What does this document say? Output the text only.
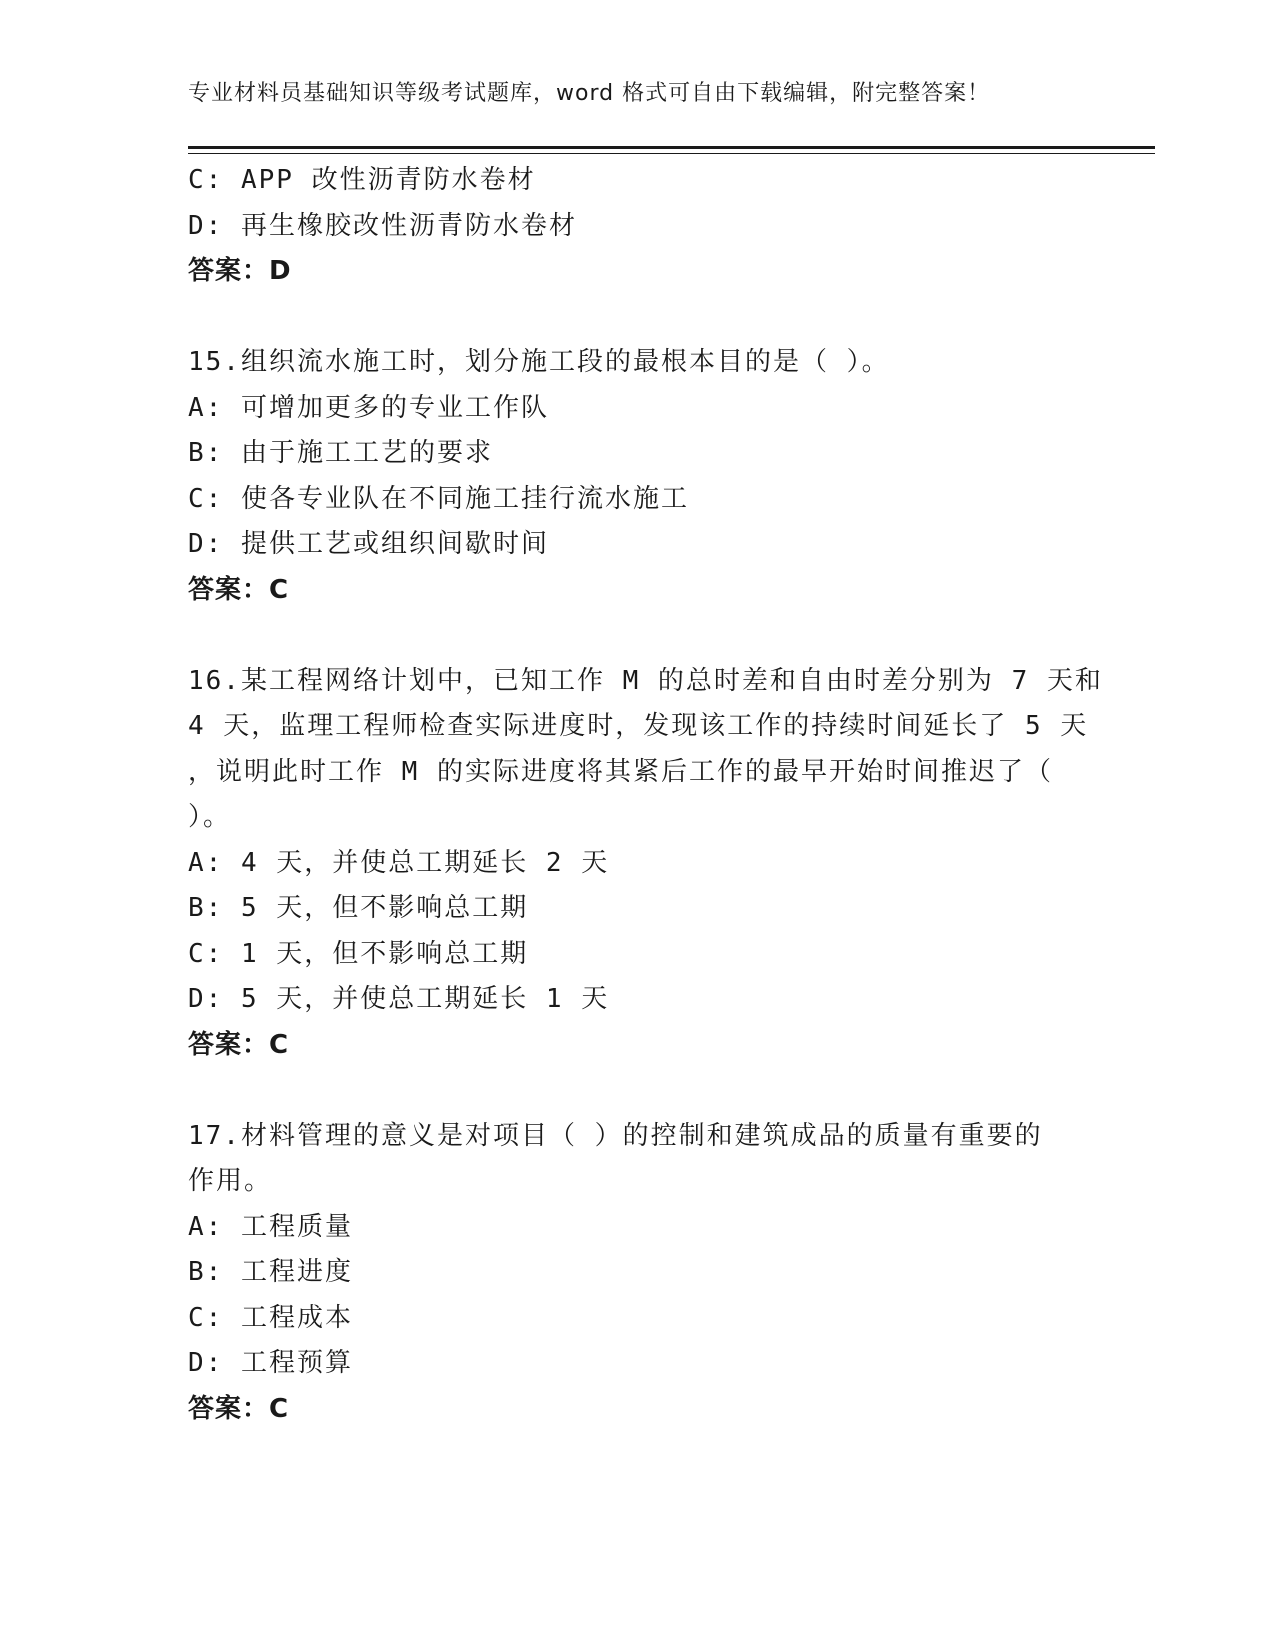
专业材料员基础知识等级考试题库，word 格式可自由下载编辑，附完整答案！
C: APP 改性沥青防水卷材
D: 再生橡胶改性沥青防水卷材
答案：D
15.组织流水施工时，划分施工段的最根本目的是（ ）。
A: 可增加更多的专业工作队
B: 由于施工工艺的要求
C: 使各专业队在不同施工挂行流水施工
D: 提供工艺或组织间歇时间
答案：C
16.某工程网络计划中，已知工作 M 的总时差和自由时差分别为 7 天和
4 天，监理工程师检查实际进度时，发现该工作的持续时间延长了 5 天
，说明此时工作 M 的实际进度将其紧后工作的最早开始时间推迟了（
）。
A: 4 天，并使总工期延长 2 天
B: 5 天，但不影响总工期
C: 1 天，但不影响总工期
D: 5 天，并使总工期延长 1 天
答案：C
17.材料管理的意义是对项目（ ）的控制和建筑成品的质量有重要的
作用。
A: 工程质量
B: 工程进度
C: 工程成本
D: 工程预算
答案：C
